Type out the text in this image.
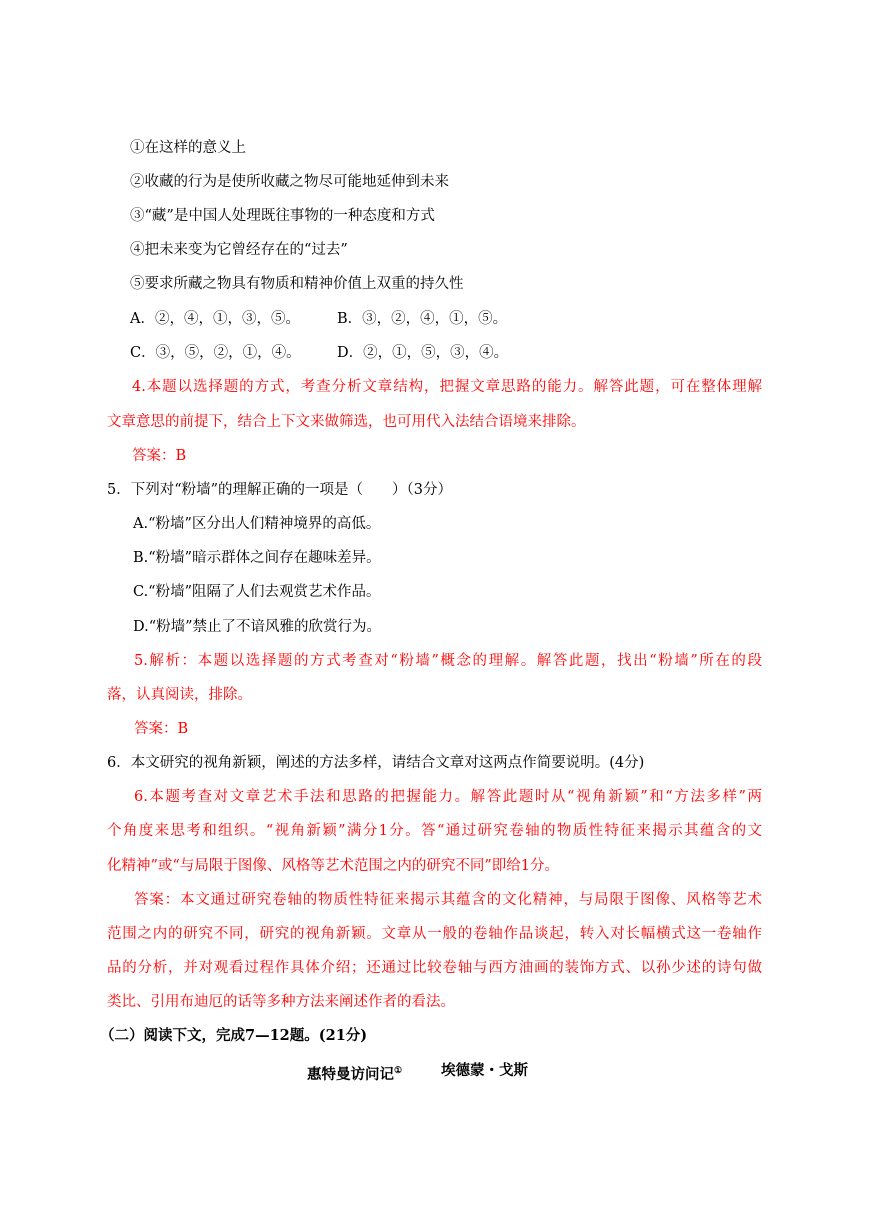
①在这样的意义上
②收藏的行为是使所收藏之物尽可能地延伸到未来
③“藏”是中国人处理既往事物的一种态度和方式
④把未来变为它曾经存在的“过去”
⑤要求所藏之物具有物质和精神价值上双重的持久性
A．②，④，①，③，⑤。	B．③，②，④，①，⑤。
C．③，⑤，②，①，④。	D．②，①，⑤，③，④。
4.本题以选择题的方式，考查分析文章结构，把握文章思路的能力。解答此题，可在整体理解
文章意思的前提下，结合上下文来做筛选，也可用代入法结合语境来排除。
答案：B
5．下列对“粉墙”的理解正确的一项是（　　）（3分）
A.“粉墙”区分出人们精神境界的高低。
B.“粉墙”暗示群体之间存在趣味差异。
C.“粉墙”阻隔了人们去观赏艺术作品。
D.“粉墙”禁止了不谙风雅的欣赏行为。
5.解析：本题以选择题的方式考查对“粉墙”概念的理解。解答此题，找出“粉墙”所在的段
落，认真阅读，排除。
答案：B
6．本文研究的视角新颖，阐述的方法多样，请结合文章对这两点作简要说明。(4分)
6.本题考查对文章艺术手法和思路的把握能力。解答此题时从“视角新颖”和“方法多样”两
个角度来思考和组织。“视角新颖”满分1分。答“通过研究卷轴的物质性特征来揭示其蕴含的文
化精神”或“与局限于图像、风格等艺术范围之内的研究不同”即给1分。
答案：本文通过研究卷轴的物质性特征来揭示其蕴含的文化精神，与局限于图像、风格等艺术
范围之内的研究不同，研究的视角新颖。文章从一般的卷轴作品谈起，转入对长幅横式这一卷轴作
品的分析，并对观看过程作具体介绍；还通过比较卷轴与西方油画的装饰方式、以孙少述的诗句做
类比、引用布迪厄的话等多种方法来阐述作者的看法。
（二）阅读下文，完成7—12题。(21分)
惠特曼访问记①	埃德蒙・戈斯
